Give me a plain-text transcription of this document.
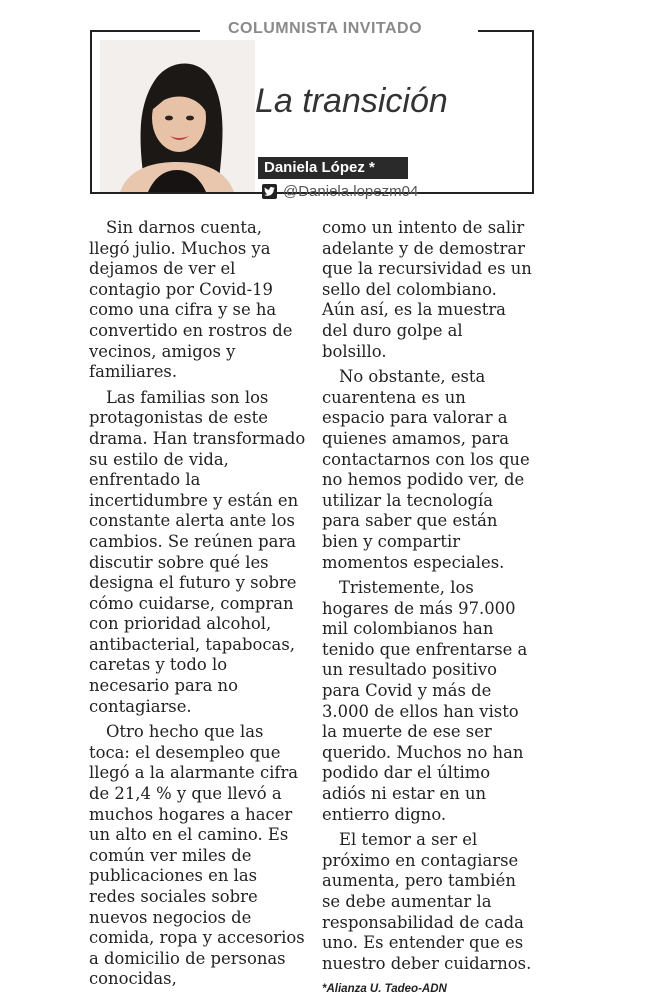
COLUMNISTA INVITADO
La transición
Daniela López *
@Daniela.lopezm04

Sin darnos cuenta, llegó julio. Muchos ya dejamos de ver el contagio por Covid-19 como una cifra y se ha convertido en rostros de vecinos, amigos y familiares.

Las familias son los protagonistas de este drama. Han transformado su estilo de vida, enfrentado la incertidumbre y están en constante alerta ante los cambios. Se reúnen para discutir sobre qué les designa el futuro y sobre cómo cuidarse, compran con prioridad alcohol, antibacterial, tapabocas, caretas y todo lo necesario para no contagiarse.

Otro hecho que las toca: el desempleo que llegó a la alarmante cifra de 21,4 % y que llevó a muchos hogares a hacer un alto en el camino. Es común ver miles de publicaciones en las redes sociales sobre nuevos negocios de comida, ropa y accesorios a domicilio de personas conocidas,

como un intento de salir adelante y de demostrar que la recursividad es un sello del colombiano. Aún así, es la muestra del duro golpe al bolsillo.

No obstante, esta cuarentena es un espacio para valorar a quienes amamos, para contactarnos con los que no hemos podido ver, de utilizar la tecnología para saber que están bien y compartir momentos especiales.

Tristemente, los hogares de más 97.000 mil colombianos han tenido que enfrentarse a un resultado positivo para Covid y más de 3.000 de ellos han visto la muerte de ese ser querido. Muchos no han podido dar el último adiós ni estar en un entierro digno.

El temor a ser el próximo en contagiarse aumenta, pero también se debe aumentar la responsabilidad de cada uno. Es entender que es nuestro deber cuidarnos.

*Alianza U. Tadeo-ADN
